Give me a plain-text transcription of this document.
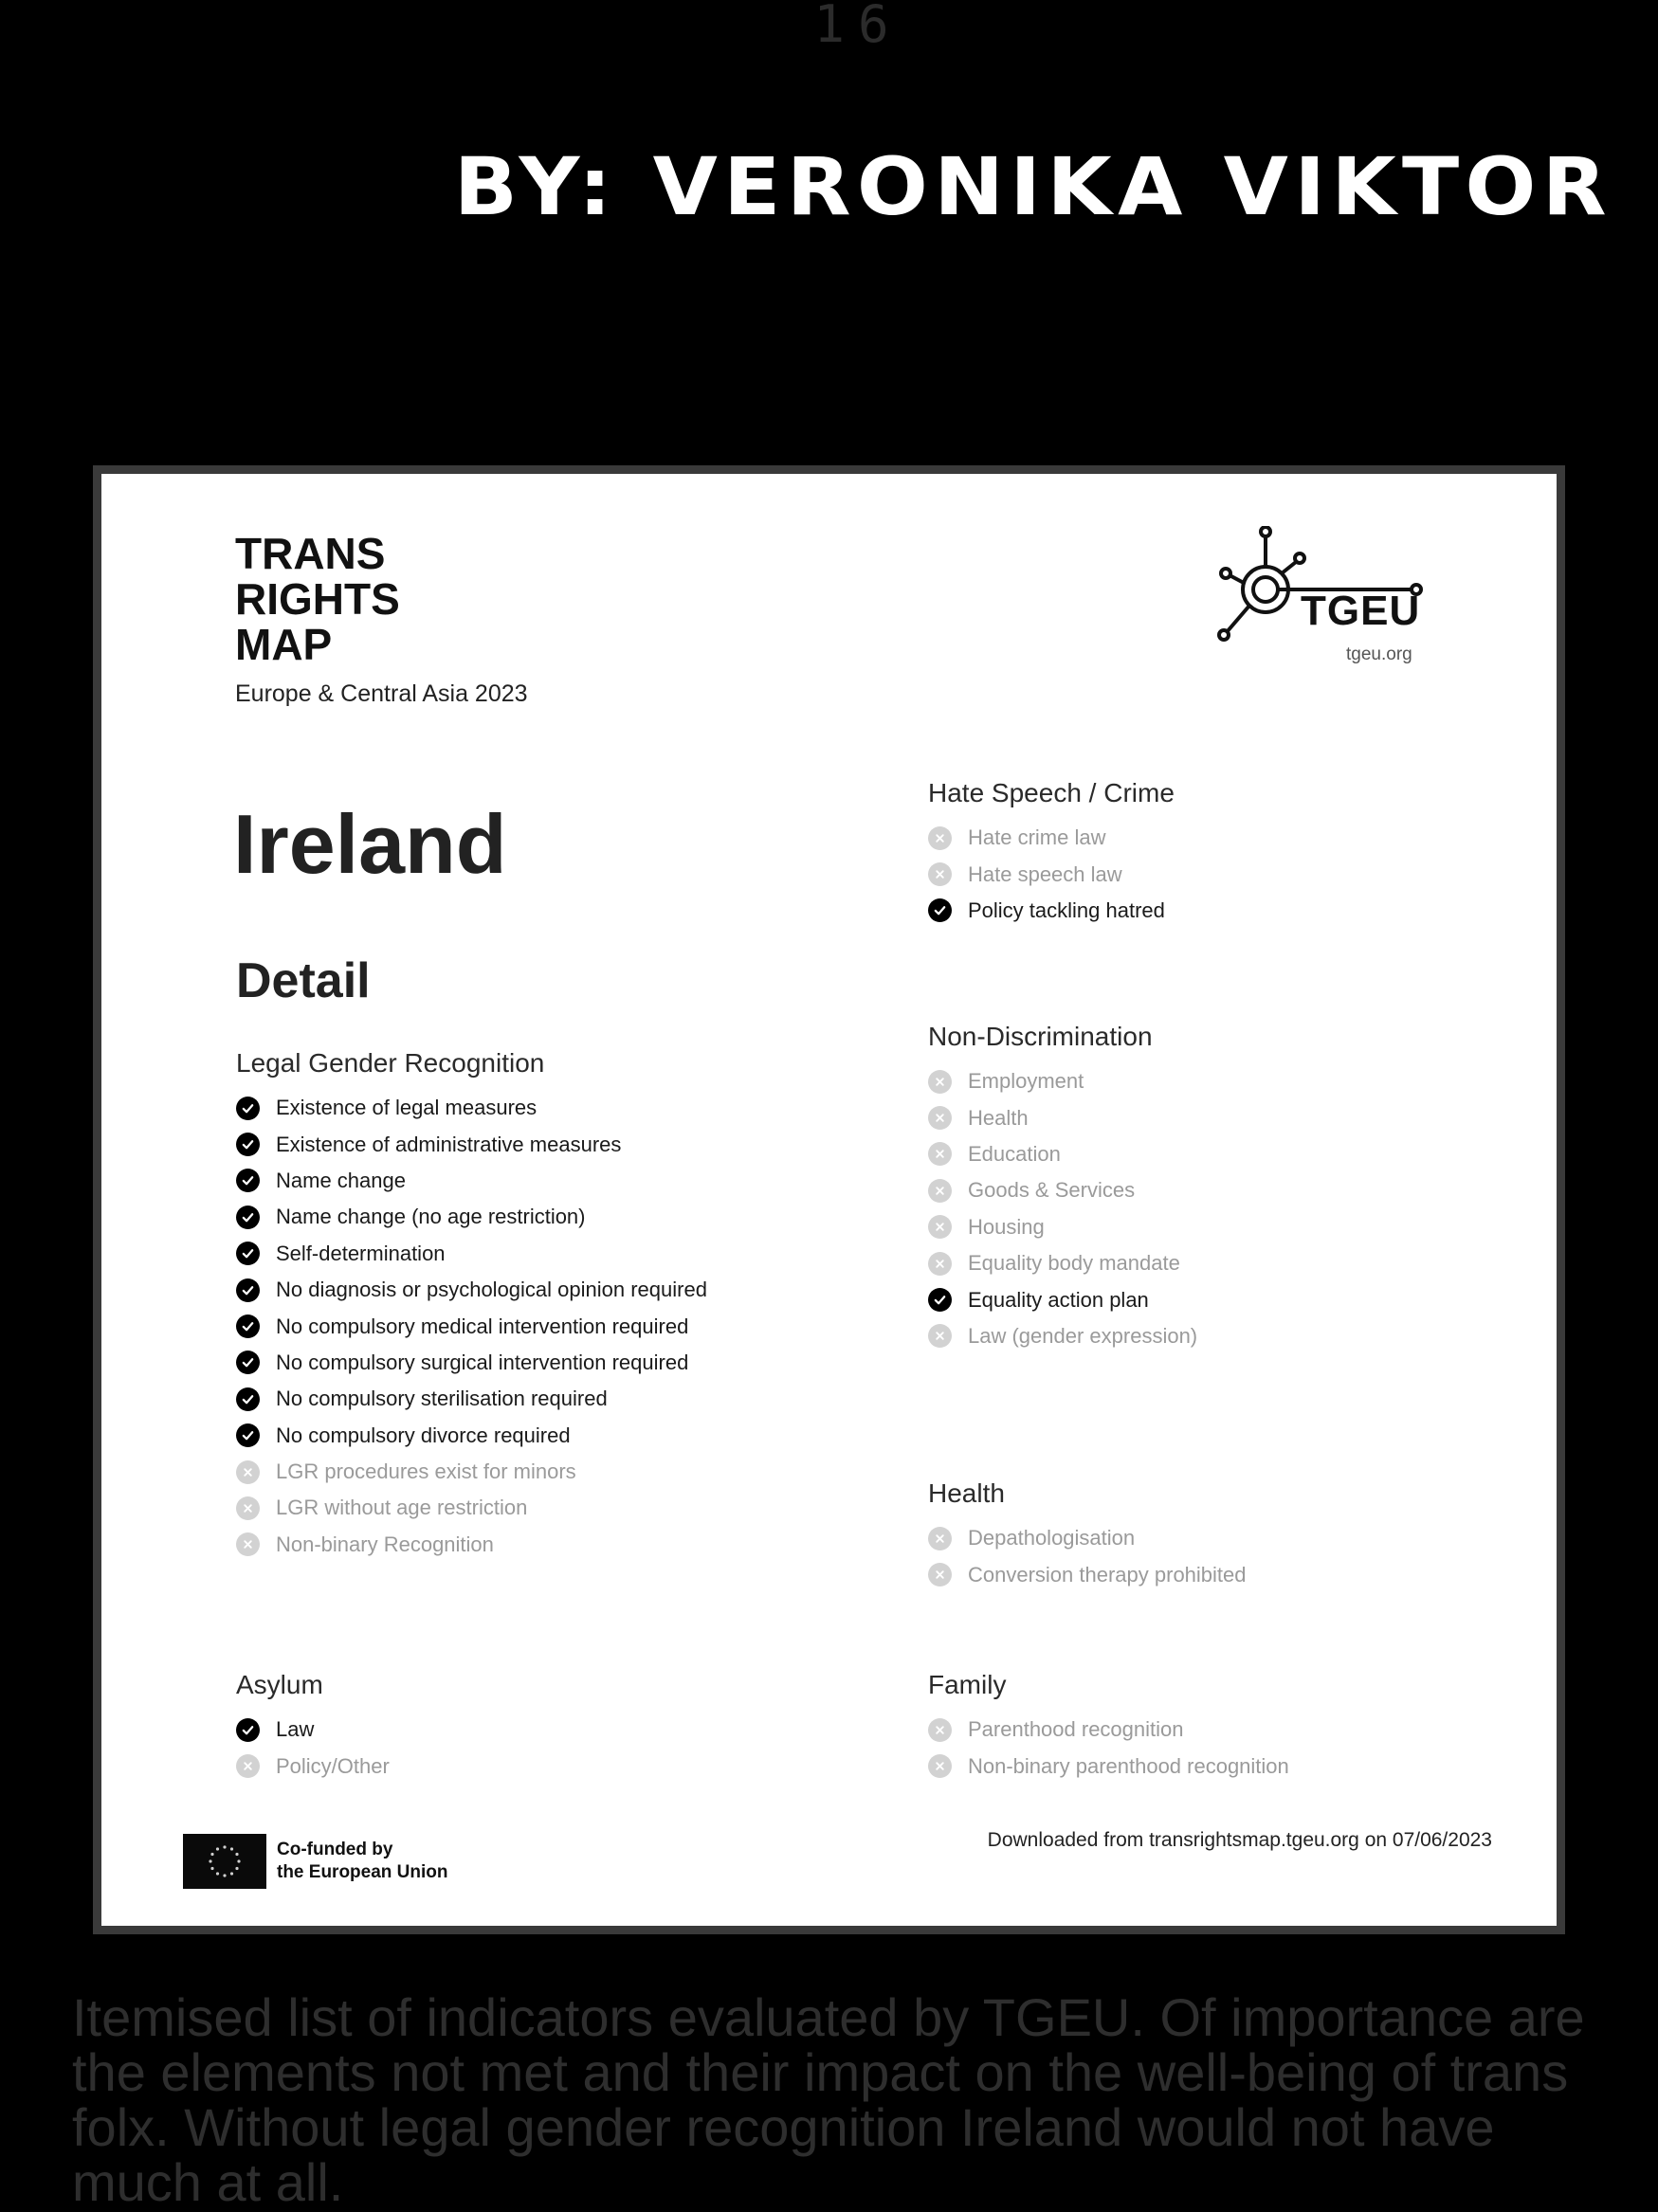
16
BY: VERONIKA VIKTOR
TRANS
RIGHTS
MAP
Europe & Central Asia 2023
TGEU
tgeu.org
Ireland
Detail
Legal Gender Recognition
Existence of legal measures
Existence of administrative measures
Name change
Name change (no age restriction)
Self-determination
No diagnosis or psychological opinion required
No compulsory medical intervention required
No compulsory surgical intervention required
No compulsory sterilisation required
No compulsory divorce required
LGR procedures exist for minors
LGR without age restriction
Non-binary Recognition
Asylum
Law
Policy/Other
Hate Speech / Crime
Hate crime law
Hate speech law
Policy tackling hatred
Non-Discrimination
Employment
Health
Education
Goods & Services
Housing
Equality body mandate
Equality action plan
Law (gender expression)
Health
Depathologisation
Conversion therapy prohibited
Family
Parenthood recognition
Non-binary parenthood recognition
Co-funded by
the European Union
Downloaded from transrightsmap.tgeu.org on 07/06/2023
Itemised list of indicators evaluated by TGEU. Of importance are the elements not met and their impact on the well-being of trans folx. Without legal gender recognition Ireland would not have much at all.
